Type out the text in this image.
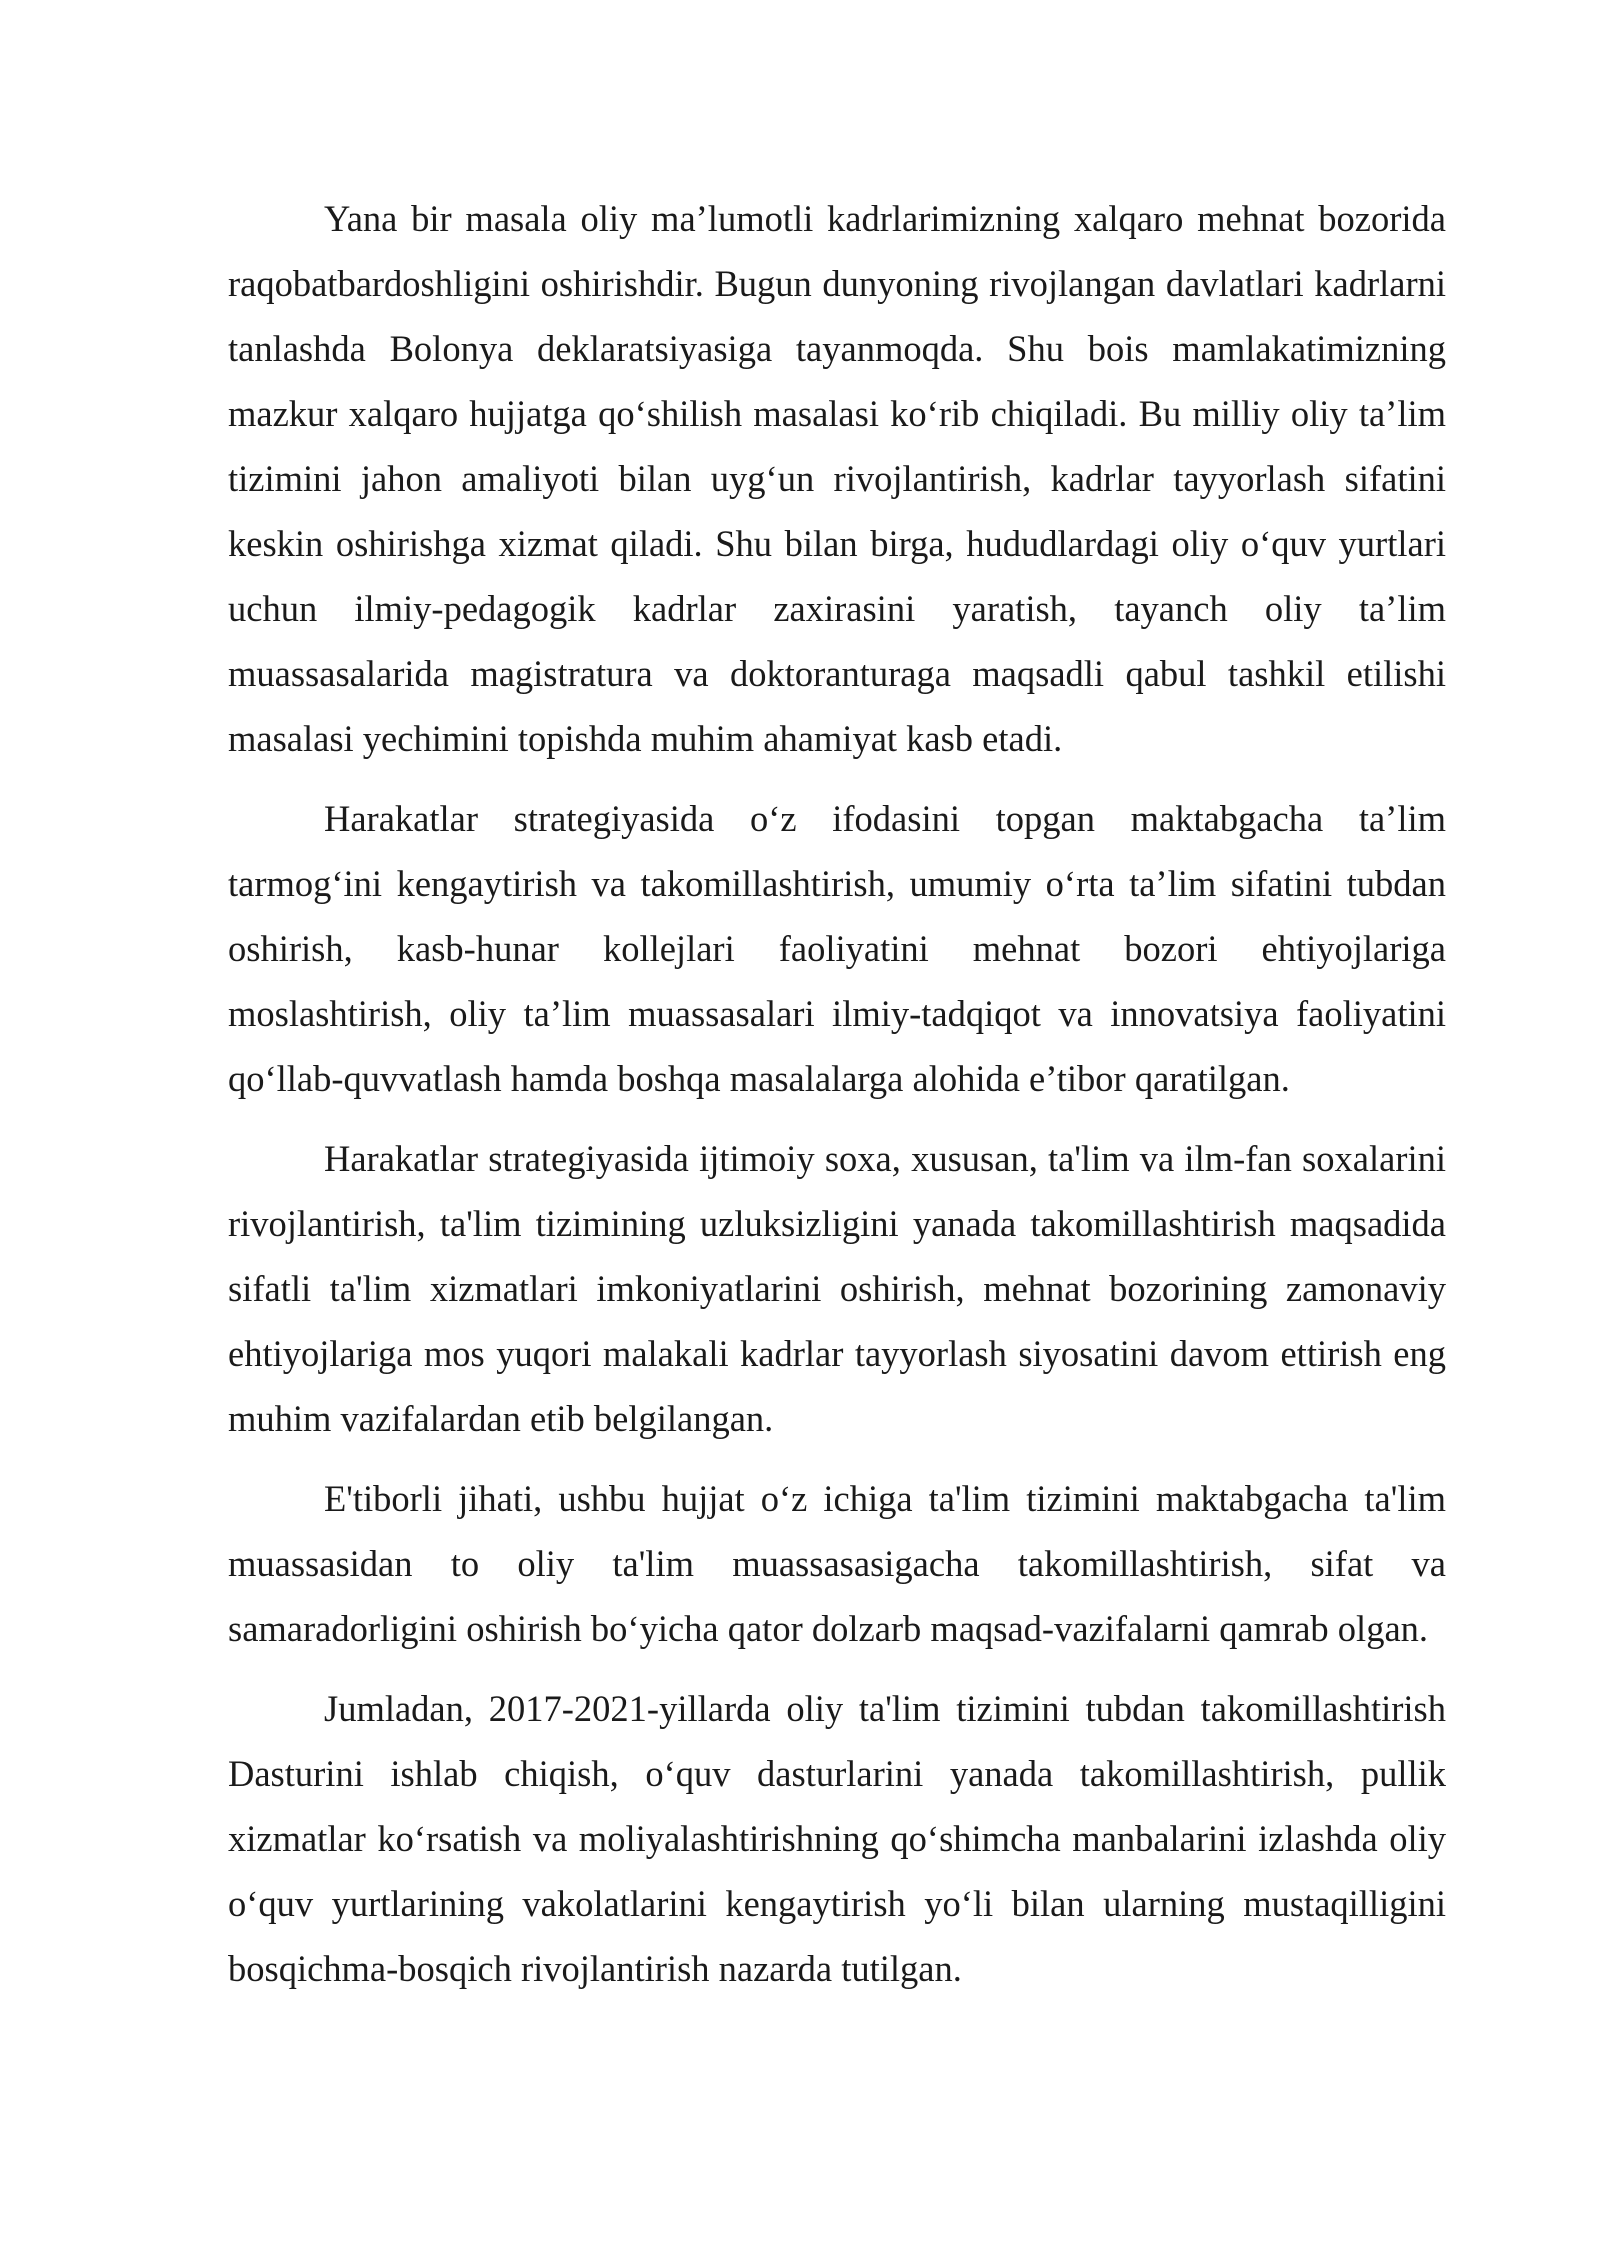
Yana bir masala oliy ma’lumotli kadrlarimizning xalqaro mehnat bozorida raqobatbardoshligini oshirishdir. Bugun dunyoning rivojlangan davlatlari kadrlarni tanlashda Bolonya deklaratsiyasiga tayanmoqda. Shu bois mamlakatimizning mazkur xalqaro hujjatga qo‘shilish masalasi ko‘rib chiqiladi. Bu milliy oliy ta’lim tizimini jahon amaliyoti bilan uyg‘un rivojlantirish, kadrlar tayyorlash sifatini keskin oshirishga xizmat qiladi. Shu bilan birga, hududlardagi oliy o‘quv yurtlari uchun ilmiy-pedagogik kadrlar zaxirasini yaratish, tayanch oliy ta’lim muassasalarida magistratura va doktoranturaga maqsadli qabul tashkil etilishi masalasi yechimini topishda muhim ahamiyat kasb etadi.

Harakatlar strategiyasida o‘z ifodasini topgan maktabgacha ta’lim tarmog‘ini kengaytirish va takomillashtirish, umumiy o‘rta ta’lim sifatini tubdan oshirish, kasb-hunar kollejlari faoliyatini mehnat bozori ehtiyojlariga moslashtirish, oliy ta’lim muassasalari ilmiy-tadqiqot va innovatsiya faoliyatini qo‘llab-quvvatlash hamda boshqa masalalarga alohida e’tibor qaratilgan.

Harakatlar strategiyasida ijtimoiy soxa, xususan, ta'lim va ilm-fan soxalarini rivojlantirish, ta'lim tizimining uzluksizligini yanada takomillashtirish maqsadida sifatli ta'lim xizmatlari imkoniyatlarini oshirish, mehnat bozorining zamonaviy ehtiyojlariga mos yuqori malakali kadrlar tayyorlash siyosatini davom ettirish eng muhim vazifalardan etib belgilangan.

E'tiborli jihati, ushbu hujjat o‘z ichiga ta'lim tizimini maktabgacha ta'lim muassasidan to oliy ta'lim muassasasigacha takomillashtirish, sifat va samaradorligini oshirish bo‘yicha qator dolzarb maqsad-vazifalarni qamrab olgan.

Jumladan, 2017-2021-yillarda oliy ta'lim tizimini tubdan takomillashtirish Dasturini ishlab chiqish, o‘quv dasturlarini yanada takomillashtirish, pullik xizmatlar ko‘rsatish va moliyalashtirishning qo‘shimcha manbalarini izlashda oliy o‘quv yurtlarining vakolatlarini kengaytirish yo‘li bilan ularning mustaqilligini bosqichma-bosqich rivojlantirish nazarda tutilgan.
